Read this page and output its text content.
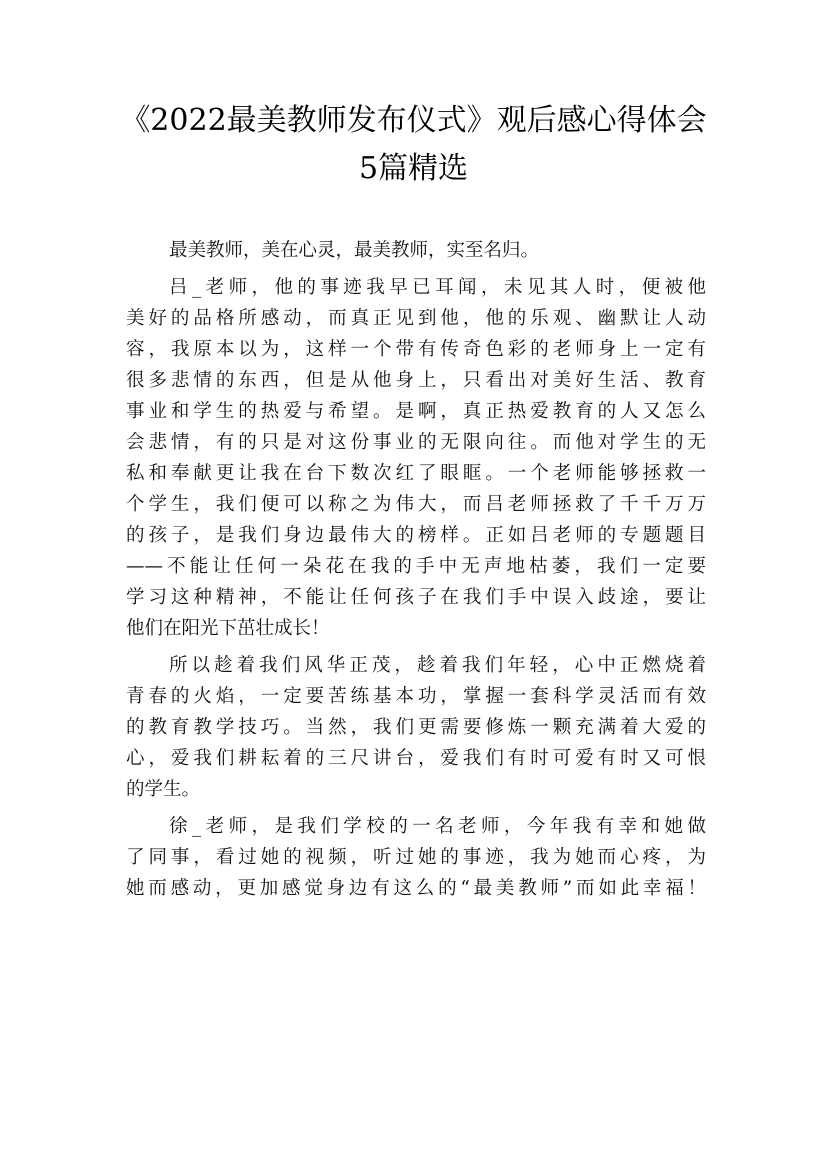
《2022最美教师发布仪式》观后感心得体会
5篇精选

最美教师，美在心灵，最美教师，实至名归。

吕_老师，他的事迹我早已耳闻，未见其人时，便被他
美好的品格所感动，而真正见到他，他的乐观、幽默让人动
容，我原本以为，这样一个带有传奇色彩的老师身上一定有
很多悲情的东西，但是从他身上，只看出对美好生活、教育
事业和学生的热爱与希望。是啊，真正热爱教育的人又怎么
会悲情，有的只是对这份事业的无限向往。而他对学生的无
私和奉献更让我在台下数次红了眼眶。一个老师能够拯救一
个学生，我们便可以称之为伟大，而吕老师拯救了千千万万
的孩子，是我们身边最伟大的榜样。正如吕老师的专题题目
——不能让任何一朵花在我的手中无声地枯萎，我们一定要
学习这种精神，不能让任何孩子在我们手中误入歧途，要让
他们在阳光下茁壮成长！

所以趁着我们风华正茂，趁着我们年轻，心中正燃烧着
青春的火焰，一定要苦练基本功，掌握一套科学灵活而有效
的教育教学技巧。当然，我们更需要修炼一颗充满着大爱的
心，爱我们耕耘着的三尺讲台，爱我们有时可爱有时又可恨
的学生。

徐_老师，是我们学校的一名老师，今年我有幸和她做
了同事，看过她的视频，听过她的事迹，我为她而心疼，为
她而感动，更加感觉身边有这么的“最美教师”而如此幸福！
